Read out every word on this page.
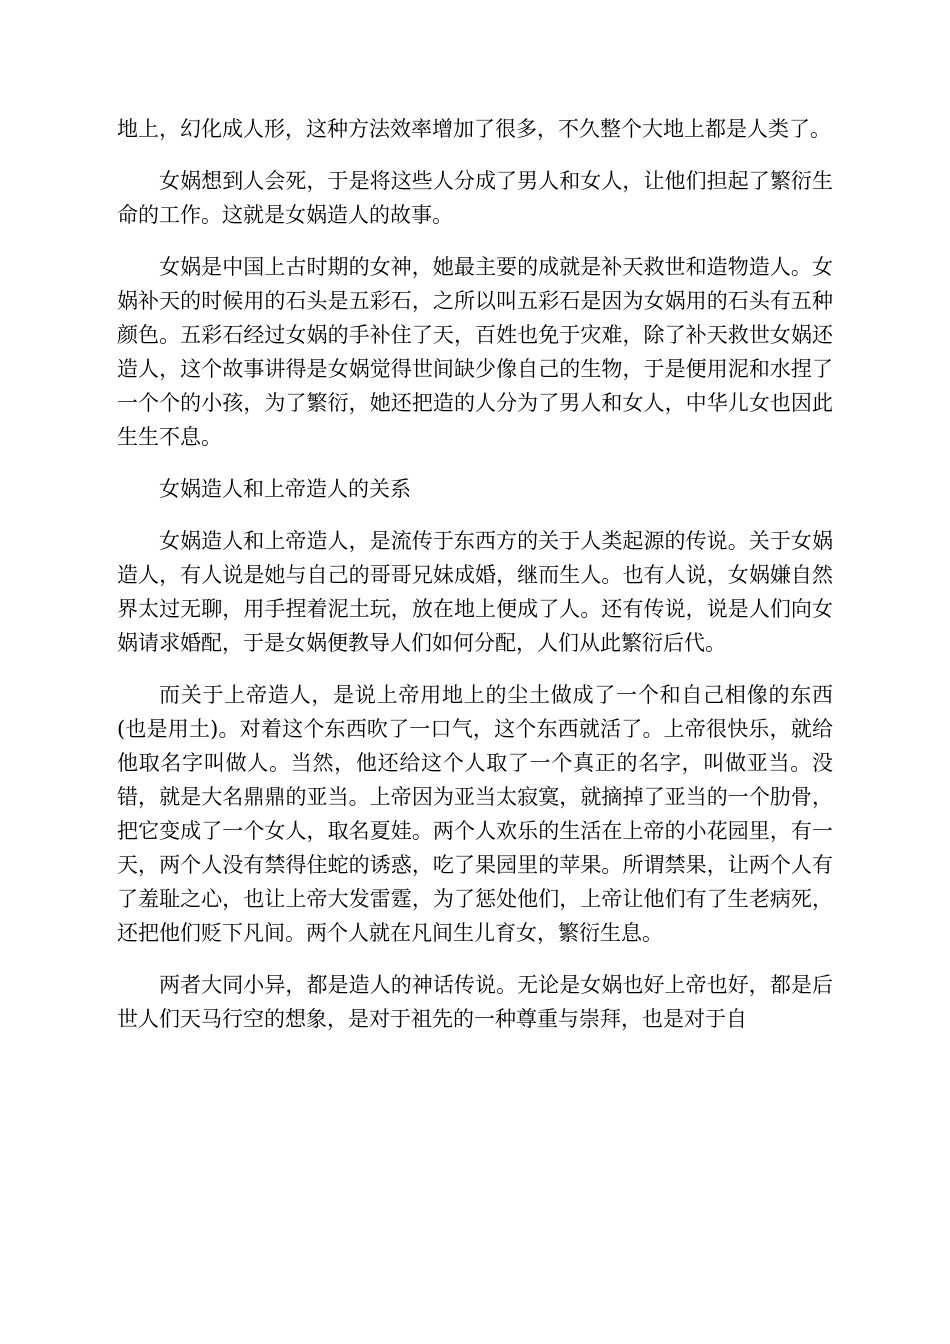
地上，幻化成人形，这种方法效率增加了很多，不久整个大地上都是人类了。

女娲想到人会死，于是将这些人分成了男人和女人，让他们担起了繁衍生命的工作。这就是女娲造人的故事。

女娲是中国上古时期的女神，她最主要的成就是补天救世和造物造人。女娲补天的时候用的石头是五彩石，之所以叫五彩石是因为女娲用的石头有五种颜色。五彩石经过女娲的手补住了天，百姓也免于灾难，除了补天救世女娲还造人，这个故事讲得是女娲觉得世间缺少像自己的生物，于是便用泥和水捏了一个个的小孩，为了繁衍，她还把造的人分为了男人和女人，中华儿女也因此生生不息。

女娲造人和上帝造人的关系

女娲造人和上帝造人，是流传于东西方的关于人类起源的传说。关于女娲造人，有人说是她与自己的哥哥兄妹成婚，继而生人。也有人说，女娲嫌自然界太过无聊，用手捏着泥土玩，放在地上便成了人。还有传说，说是人们向女娲请求婚配，于是女娲便教导人们如何分配，人们从此繁衍后代。

而关于上帝造人，是说上帝用地上的尘土做成了一个和自己相像的东西(也是用土)。对着这个东西吹了一口气，这个东西就活了。上帝很快乐，就给他取名字叫做人。当然，他还给这个人取了一个真正的名字，叫做亚当。没错，就是大名鼎鼎的亚当。上帝因为亚当太寂寞，就摘掉了亚当的一个肋骨，把它变成了一个女人，取名夏娃。两个人欢乐的生活在上帝的小花园里，有一天，两个人没有禁得住蛇的诱惑，吃了果园里的苹果。所谓禁果，让两个人有了羞耻之心，也让上帝大发雷霆，为了惩处他们，上帝让他们有了生老病死，还把他们贬下凡间。两个人就在凡间生儿育女，繁衍生息。

两者大同小异，都是造人的神话传说。无论是女娲也好上帝也好，都是后世人们天马行空的想象，是对于祖先的一种尊重与崇拜，也是对于自
